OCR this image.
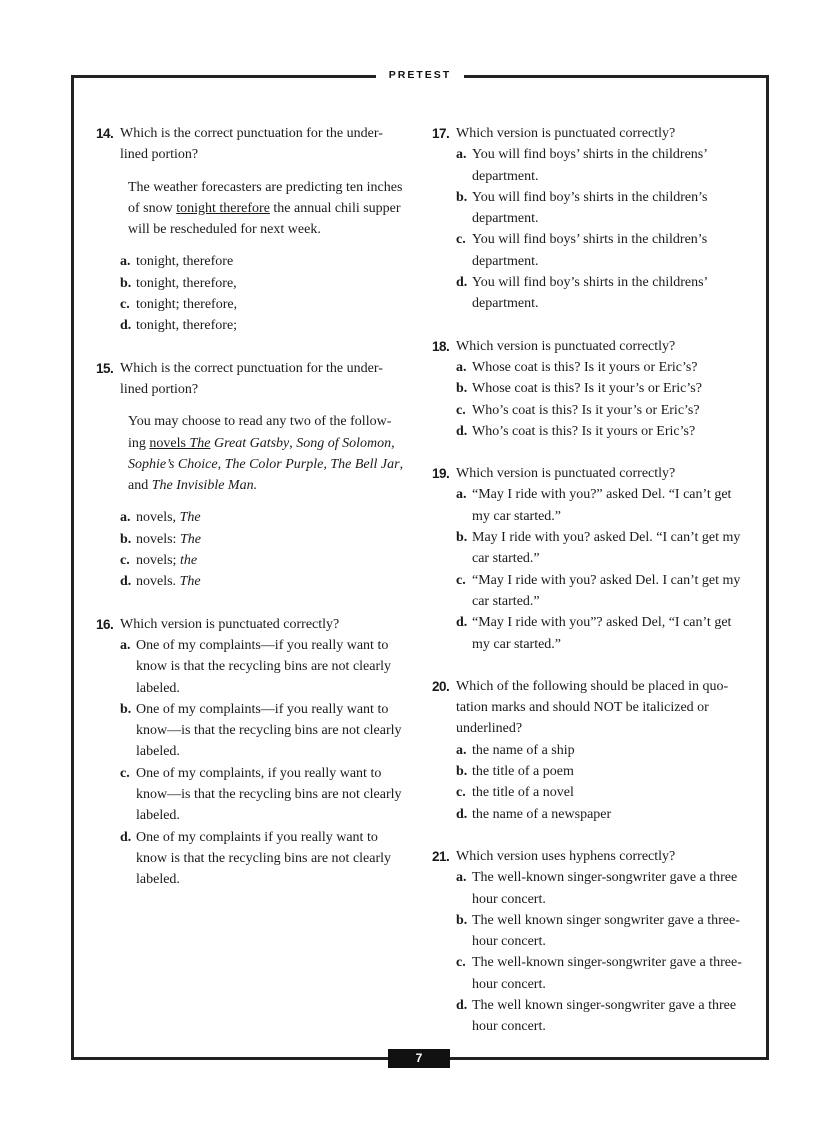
PRETEST
7
14. Which is the correct punctuation for the under-lined portion?
The weather forecasters are predicting ten inches of snow tonight therefore the annual chili supper will be rescheduled for next week.
a. tonight, therefore
b. tonight, therefore,
c. tonight; therefore,
d. tonight, therefore;
15. Which is the correct punctuation for the under-lined portion?
You may choose to read any two of the follow-ing novels The Great Gatsby, Song of Solomon, Sophie’s Choice, The Color Purple, The Bell Jar, and The Invisible Man.
a. novels, The
b. novels: The
c. novels; the
d. novels. The
16. Which version is punctuated correctly?
a. One of my complaints—if you really want to know is that the recycling bins are not clearly labeled.
b. One of my complaints—if you really want to know—is that the recycling bins are not clearly labeled.
c. One of my complaints, if you really want to know—is that the recycling bins are not clearly labeled.
d. One of my complaints if you really want to know is that the recycling bins are not clearly labeled.
17. Which version is punctuated correctly?
a. You will find boys’ shirts in the childrens’ department.
b. You will find boy’s shirts in the children’s department.
c. You will find boys’ shirts in the children’s department.
d. You will find boy’s shirts in the childrens’ department.
18. Which version is punctuated correctly?
a. Whose coat is this? Is it yours or Eric’s?
b. Whose coat is this? Is it your’s or Eric’s?
c. Who’s coat is this? Is it your’s or Eric’s?
d. Who’s coat is this? Is it yours or Eric’s?
19. Which version is punctuated correctly?
a. “May I ride with you?” asked Del. “I can’t get my car started.”
b. May I ride with you? asked Del. “I can’t get my car started.”
c. “May I ride with you? asked Del. I can’t get my car started.”
d. “May I ride with you”? asked Del, “I can’t get my car started.”
20. Which of the following should be placed in quo-tation marks and should NOT be italicized or underlined?
a. the name of a ship
b. the title of a poem
c. the title of a novel
d. the name of a newspaper
21. Which version uses hyphens correctly?
a. The well-known singer-songwriter gave a three hour concert.
b. The well known singer songwriter gave a three-hour concert.
c. The well-known singer-songwriter gave a three-hour concert.
d. The well known singer-songwriter gave a three hour concert.
